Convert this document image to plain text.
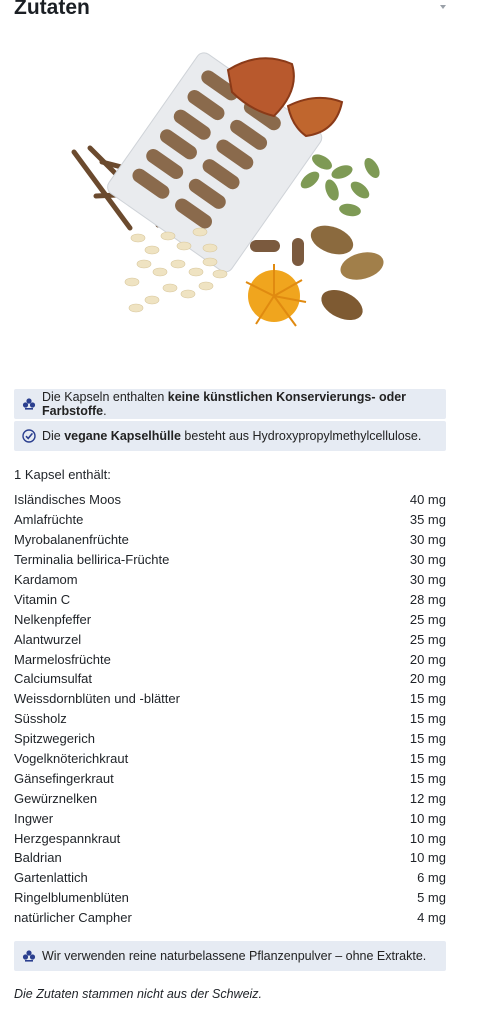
Zutaten
Die Kapseln enthalten keine künstlichen Konservierungs- oder Farbstoffe.
Die vegane Kapselhülle besteht aus Hydroxypropylmethylcellulose.
1 Kapsel enthält:
Isländisches Moos	40 mg
Amlafrüchte	35 mg
Myrobalanenfrüchte	30 mg
Terminalia bellirica-Früchte	30 mg
Kardamom	30 mg
Vitamin C	28 mg
Nelkenpfeffer	25 mg
Alantwurzel	25 mg
Marmelosfrüchte	20 mg
Calciumsulfat	20 mg
Weissdornblüten und -blätter	15 mg
Süssholz	15 mg
Spitzwegerich	15 mg
Vogelknöterichkraut	15 mg
Gänsefingerkraut	15 mg
Gewürznelken	12 mg
Ingwer	10 mg
Herzgespannkraut	10 mg
Baldrian	10 mg
Gartenlattich	6 mg
Ringelblumenblüten	5 mg
natürlicher Campher	4 mg
Wir verwenden reine naturbelassene Pflanzenpulver – ohne Extrakte.
Die Zutaten stammen nicht aus der Schweiz.
